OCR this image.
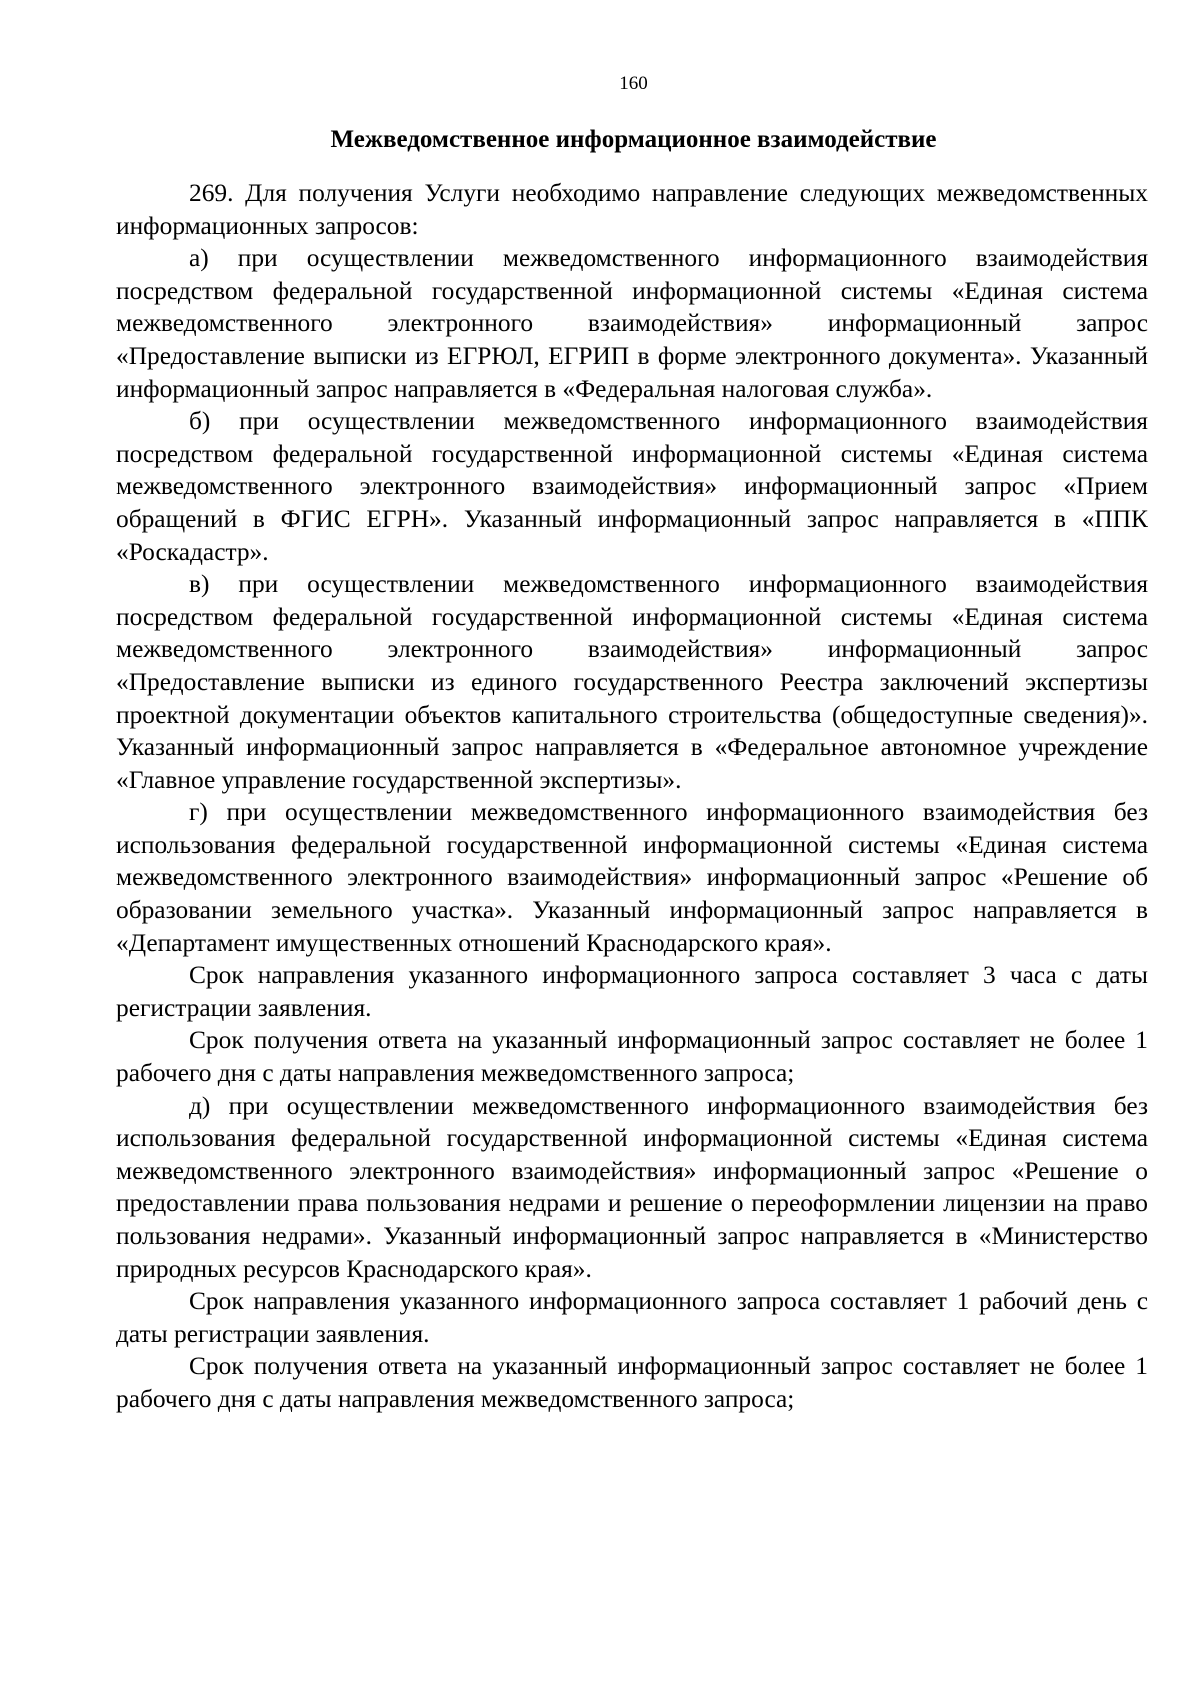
160
Межведомственное информационное взаимодействие

269. Для получения Услуги необходимо направление следующих межведомственных информационных запросов:

а) при осуществлении межведомственного информационного взаимодействия посредством федеральной государственной информационной системы «Единая система межведомственного электронного взаимодействия» информационный запрос «Предоставление выписки из ЕГРЮЛ, ЕГРИП в форме электронного документа». Указанный информационный запрос направляется в «Федеральная налоговая служба».

б) при осуществлении межведомственного информационного взаимодействия посредством федеральной государственной информационной системы «Единая система межведомственного электронного взаимодействия» информационный запрос «Прием обращений в ФГИС ЕГРН». Указанный информационный запрос направляется в «ППК «Роскадастр».

в) при осуществлении межведомственного информационного взаимодействия посредством федеральной государственной информационной системы «Единая система межведомственного электронного взаимодействия» информационный запрос «Предоставление выписки из единого государственного Реестра заключений экспертизы проектной документации объектов капитального строительства (общедоступные сведения)». Указанный информационный запрос направляется в «Федеральное автономное учреждение «Главное управление государственной экспертизы».

г) при осуществлении межведомственного информационного взаимодействия без использования федеральной государственной информационной системы «Единая система межведомственного электронного взаимодействия» информационный запрос «Решение об образовании земельного участка». Указанный информационный запрос направляется в «Департамент имущественных отношений Краснодарского края».

Срок направления указанного информационного запроса составляет 3 часа с даты регистрации заявления.

Срок получения ответа на указанный информационный запрос составляет не более 1 рабочего дня с даты направления межведомственного запроса;

д) при осуществлении межведомственного информационного взаимодействия без использования федеральной государственной информационной системы «Единая система межведомственного электронного взаимодействия» информационный запрос «Решение о предоставлении права пользования недрами и решение о переоформлении лицензии на право пользования недрами». Указанный информационный запрос направляется в «Министерство природных ресурсов Краснодарского края».

Срок направления указанного информационного запроса составляет 1 рабочий день с даты регистрации заявления.

Срок получения ответа на указанный информационный запрос составляет не более 1 рабочего дня с даты направления межведомственного запроса;
